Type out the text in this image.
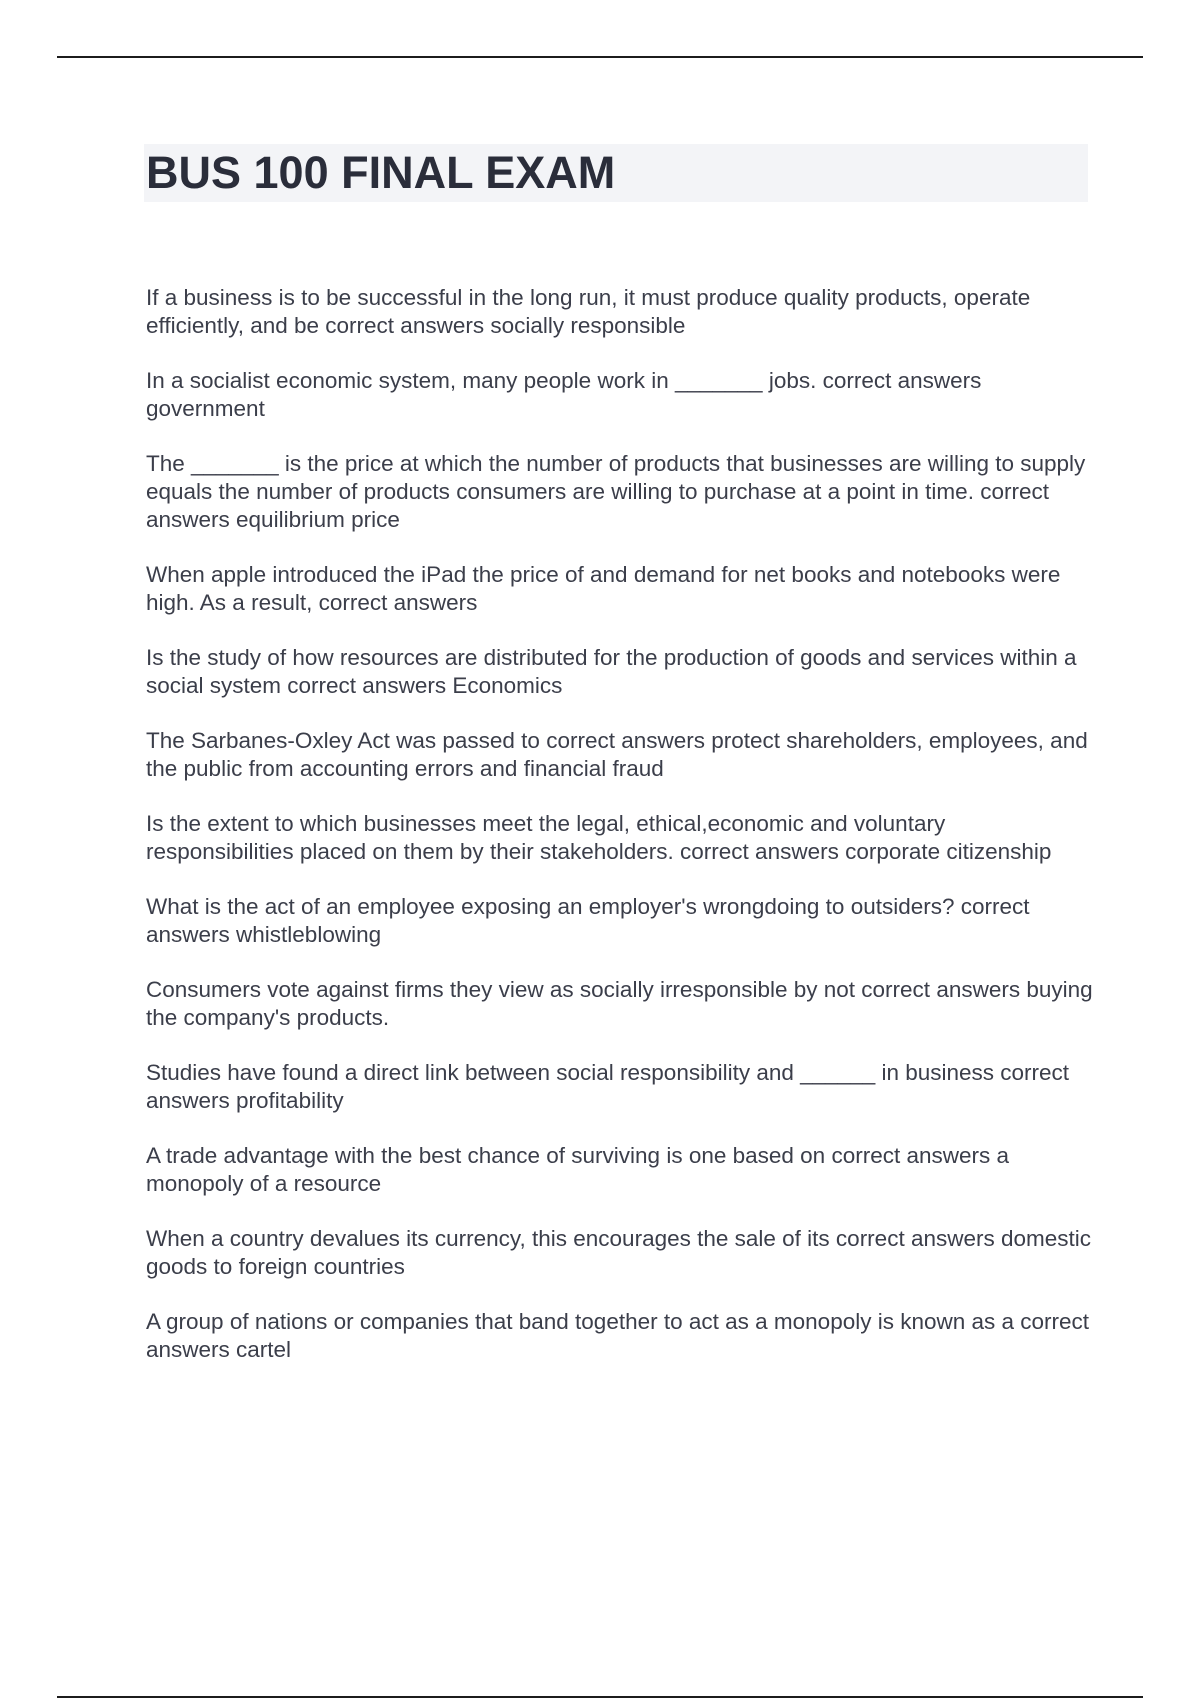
BUS 100 FINAL EXAM
If a business is to be successful in the long run, it must produce quality products, operate efficiently, and be correct answers socially responsible
In a socialist economic system, many people work in _______ jobs. correct answers government
The _______ is the price at which the number of products that businesses are willing to supply equals the number of products consumers are willing to purchase at a point in time. correct answers equilibrium price
When apple introduced the iPad the price of and demand for net books and notebooks were high. As a result, correct answers
Is the study of how resources are distributed for the production of goods and services within a social system correct answers Economics
The Sarbanes-Oxley Act was passed to correct answers protect shareholders, employees, and the public from accounting errors and financial fraud
Is the extent to which businesses meet the legal, ethical,economic and voluntary responsibilities placed on them by their stakeholders. correct answers corporate citizenship
What is the act of an employee exposing an employer's wrongdoing to outsiders? correct answers whistleblowing
Consumers vote against firms they view as socially irresponsible by not correct answers buying the company's products.
Studies have found a direct link between social responsibility and ______ in business correct answers profitability
A trade advantage with the best chance of surviving is one based on correct answers a monopoly of a resource
When a country devalues its currency, this encourages the sale of its correct answers domestic goods to foreign countries
A group of nations or companies that band together to act as a monopoly is known as a correct answers cartel
